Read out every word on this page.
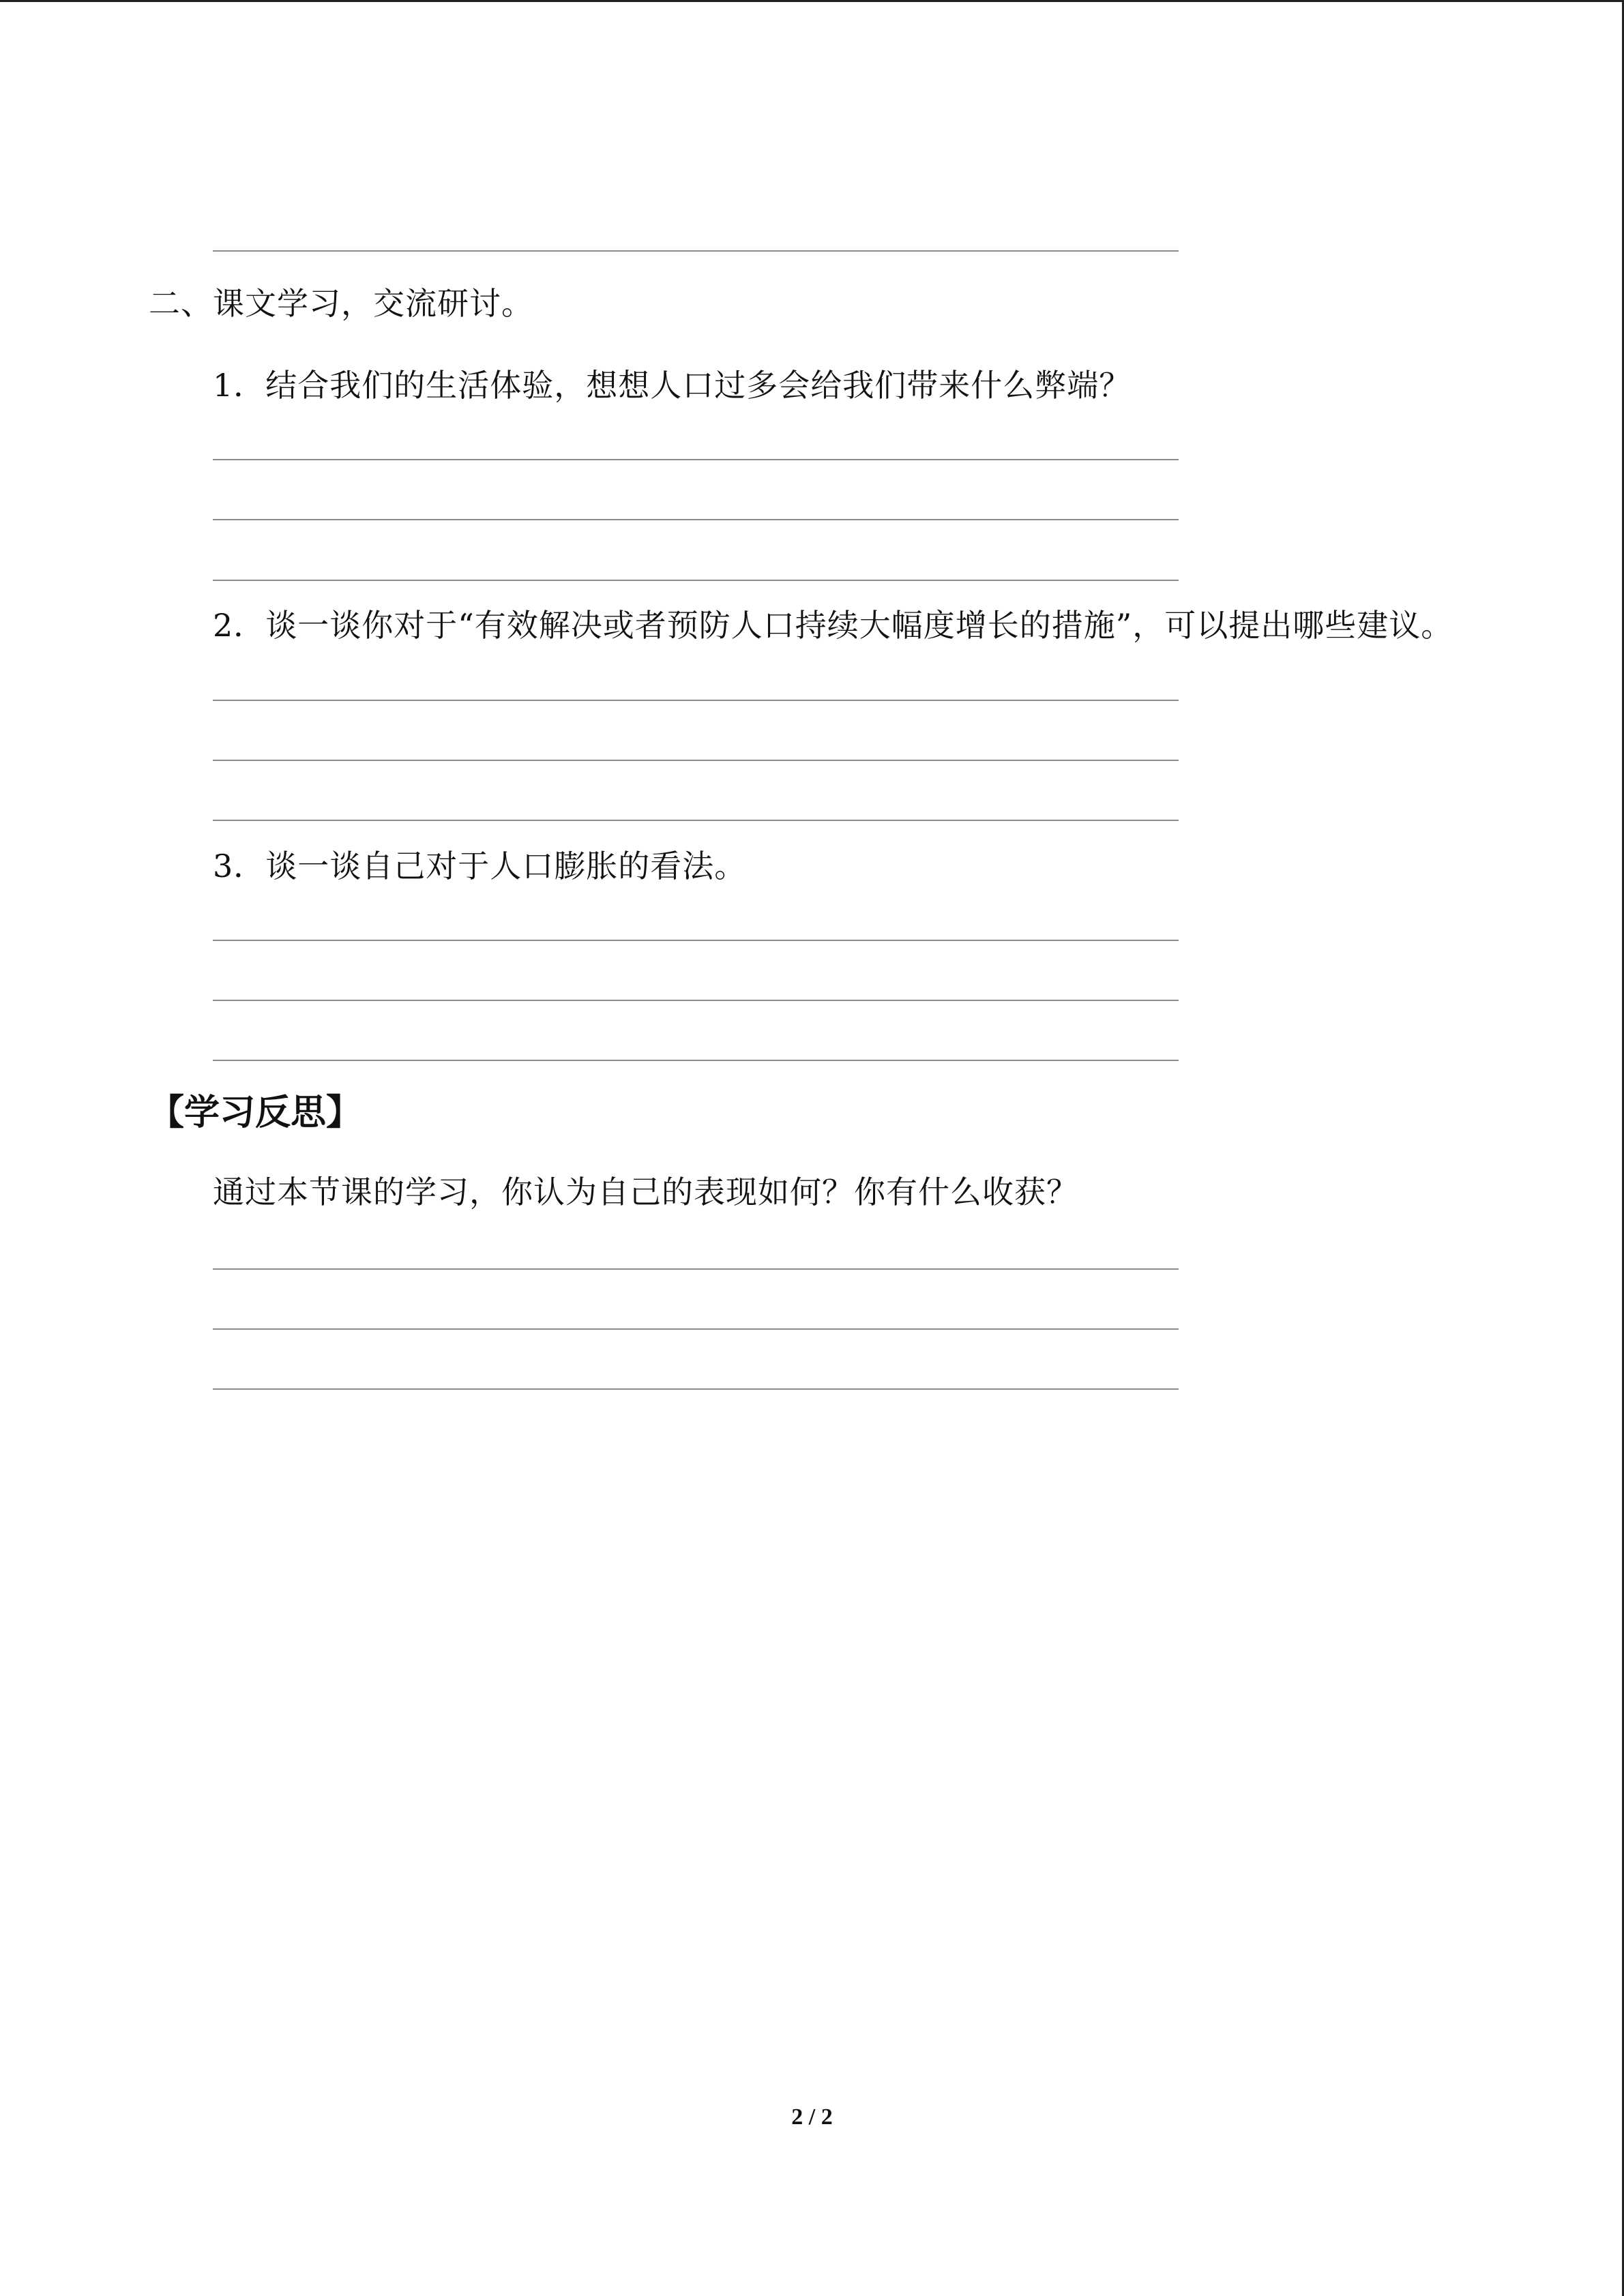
二、课文学习，交流研讨。
1．结合我们的生活体验，想想人口过多会给我们带来什么弊端？
2．谈一谈你对于“有效解决或者预防人口持续大幅度增长的措施”，可以提出哪些建议。
3．谈一谈自己对于人口膨胀的看法。
【学习反思】
通过本节课的学习，你认为自己的表现如何？你有什么收获？
2 / 2
